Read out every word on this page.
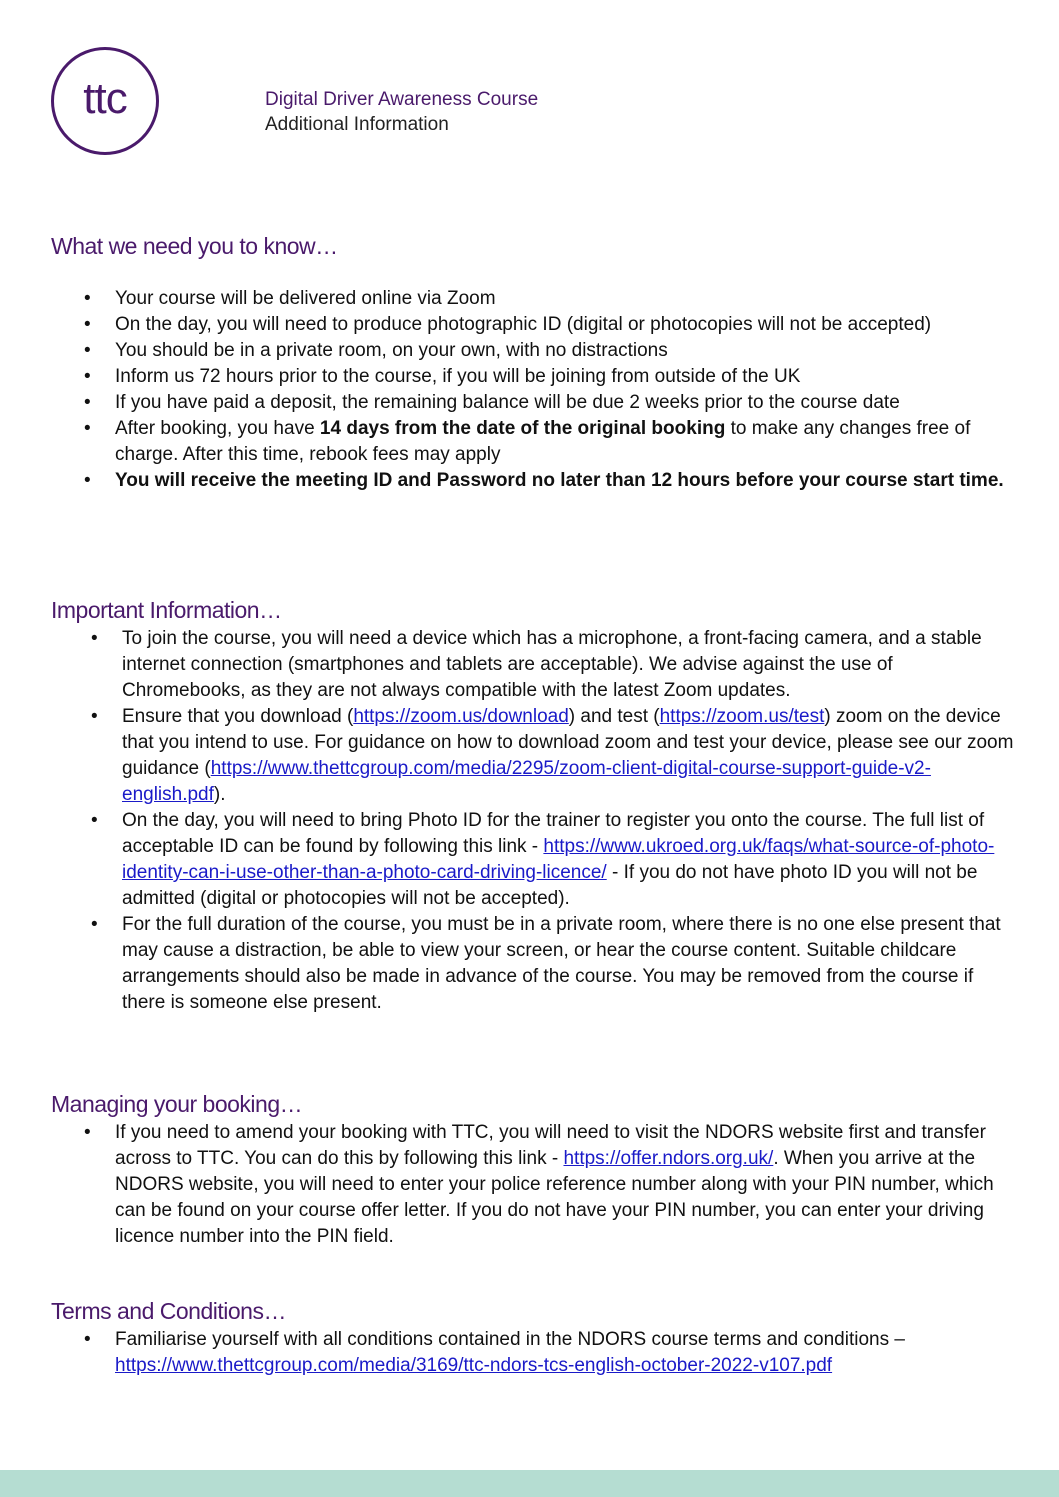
ttc	Digital Driver Awareness Course
Additional Information
What we need you to know…
• Your course will be delivered online via Zoom
• On the day, you will need to produce photographic ID (digital or photocopies will not be accepted)
• You should be in a private room, on your own, with no distractions
• Inform us 72 hours prior to the course, if you will be joining from outside of the UK
• If you have paid a deposit, the remaining balance will be due 2 weeks prior to the course date
• After booking, you have 14 days from the date of the original booking to make any changes free of charge. After this time, rebook fees may apply
• You will receive the meeting ID and Password no later than 12 hours before your course start time.
Important Information…
• To join the course, you will need a device which has a microphone, a front-facing camera, and a stable internet connection (smartphones and tablets are acceptable). We advise against the use of Chromebooks, as they are not always compatible with the latest Zoom updates.
• Ensure that you download (https://zoom.us/download) and test (https://zoom.us/test) zoom on the device that you intend to use. For guidance on how to download zoom and test your device, please see our zoom guidance (https://www.thettcgroup.com/media/2295/zoom-client-digital-course-support-guide-v2-english.pdf).
• On the day, you will need to bring Photo ID for the trainer to register you onto the course. The full list of acceptable ID can be found by following this link - https://www.ukroed.org.uk/faqs/what-source-of-photo-identity-can-i-use-other-than-a-photo-card-driving-licence/ - If you do not have photo ID you will not be admitted (digital or photocopies will not be accepted).
• For the full duration of the course, you must be in a private room, where there is no one else present that may cause a distraction, be able to view your screen, or hear the course content. Suitable childcare arrangements should also be made in advance of the course. You may be removed from the course if there is someone else present.
Managing your booking…
• If you need to amend your booking with TTC, you will need to visit the NDORS website first and transfer across to TTC. You can do this by following this link - https://offer.ndors.org.uk/. When you arrive at the NDORS website, you will need to enter your police reference number along with your PIN number, which can be found on your course offer letter. If you do not have your PIN number, you can enter your driving licence number into the PIN field.
Terms and Conditions…
• Familiarise yourself with all conditions contained in the NDORS course terms and conditions – https://www.thettcgroup.com/media/3169/ttc-ndors-tcs-english-october-2022-v107.pdf
